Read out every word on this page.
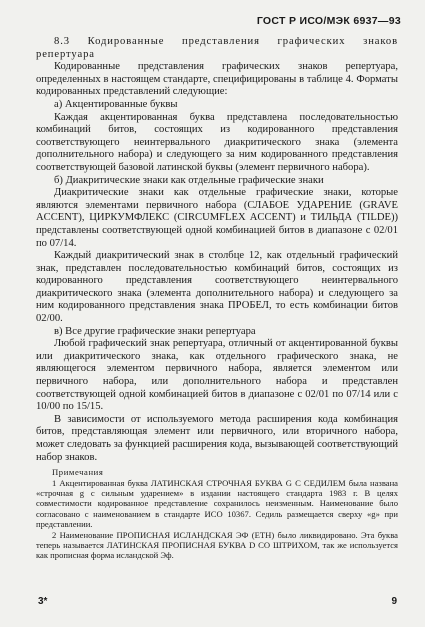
ГОСТ Р ИСО/МЭК 6937—93

8.3 Кодированные представления графических знаков репертуара

Кодированные представления графических знаков репертуара, определенных в настоящем стандарте, специфицированы в таблице 4. Форматы кодированных представлений следующие:

а) Акцентированные буквы

Каждая акцентированная буква представлена последовательностью комбинаций битов, состоящих из кодированного представления соответствующего неинтервального диакритического знака (элемента дополнительного набора) и следующего за ним кодированного представления соответствующей базовой латинской буквы (элемент первичного набора).

б) Диакритические знаки как отдельные графические знаки

Диакритические знаки как отдельные графические знаки, которые являются элементами первичного набора (СЛАБОЕ УДАРЕНИЕ (GRAVE ACCENT), ЦИРКУМФЛЕКС (CIRCUMFLEX ACCENT) и ТИЛЬДА (TILDE)) представлены соответствующей одной комбинацией битов в диапазоне с 02/01 по 07/14.

Каждый диакритический знак в столбце 12, как отдельный графический знак, представлен последовательностью комбинаций битов, состоящих из кодированного представления соответствующего неинтервального диакритического знака (элемента дополнительного набора) и следующего за ним кодированного представления знака ПРОБЕЛ, то есть комбинации битов 02/00.

в) Все другие графические знаки репертуара

Любой графический знак репертуара, отличный от акцентированной буквы или диакритического знака, как отдельного графического знака, не являющегося элементом первичного набора, является элементом или первичного набора, или дополнительного набора и представлен соответствующей одной комбинацией битов в диапазоне с 02/01 по 07/14 или с 10/00 по 15/15.

В зависимости от используемого метода расширения кода комбинация битов, представляющая элемент или первичного, или вторичного набора, может следовать за функцией расширения кода, вызывающей соответствующий набор знаков.

Примечания

1 Акцентированная буква ЛАТИНСКАЯ СТРОЧНАЯ БУКВА G С СЕДИЛЕМ была названа «строчная g с сильным ударением» в издании настоящего стандарта 1983 г. В целях совместимости кодированное представление сохранилось неизменным. Наименование было согласовано с наименованием в стандарте ИСО 10367. Седиль размещается сверху «g» при представлении.

2 Наименование ПРОПИСНАЯ ИСЛАНДСКАЯ ЭФ (ETH) было ликвидировано. Эта буква теперь называется ЛАТИНСКАЯ ПРОПИСНАЯ БУКВА D СО ШТРИХОМ, так же используется как прописная форма исландской Эф.

3*	9
